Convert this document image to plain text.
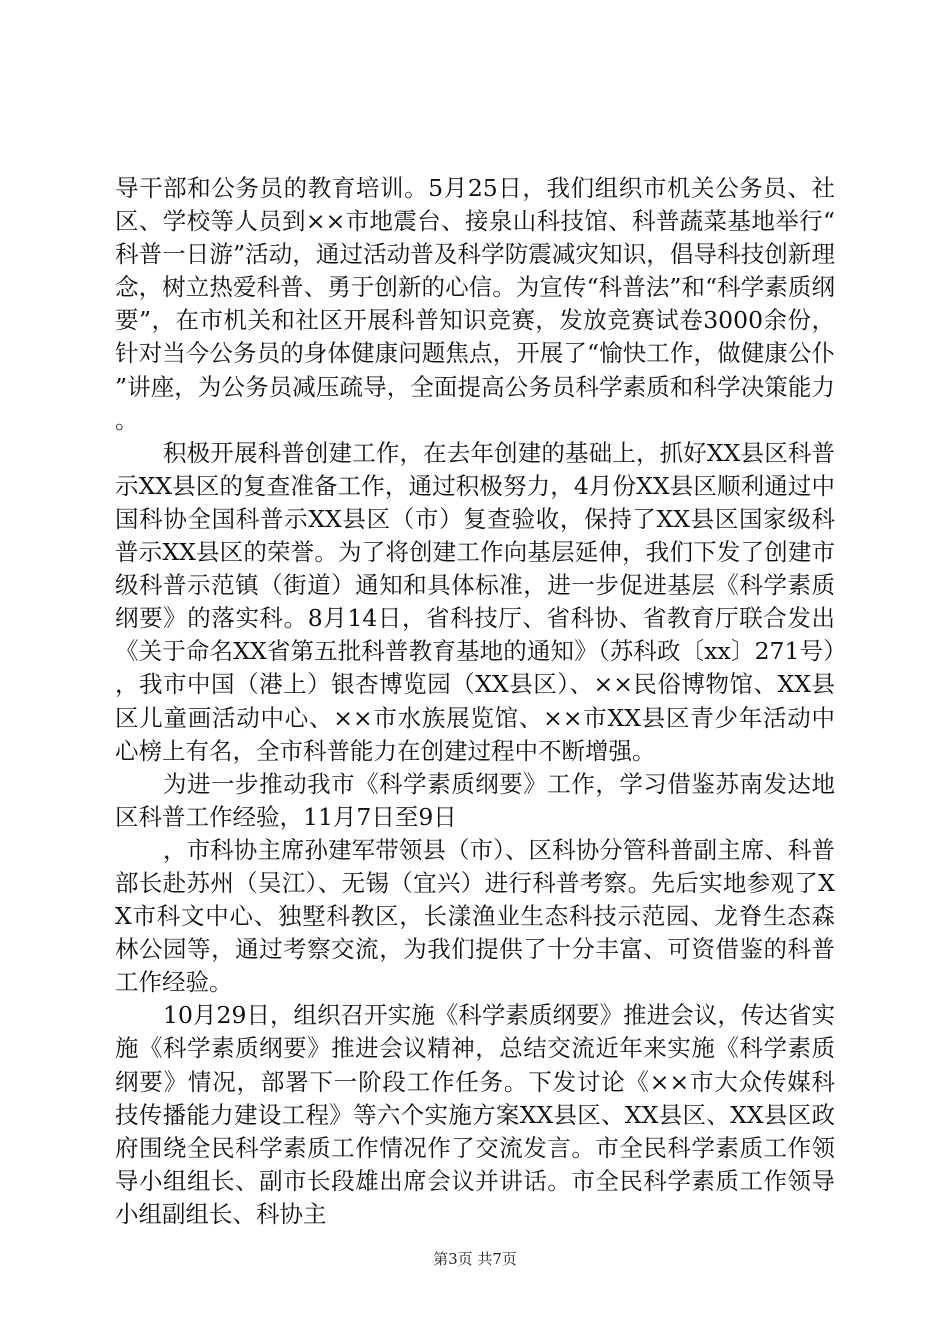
导干部和公务员的教育培训。5月25日，我们组织市机关公务员、社区、学校等人员到××市地震台、接泉山科技馆、科普蔬菜基地举行“科普一日游”活动，通过活动普及科学防震减灾知识，倡导科技创新理念，树立热爱科普、勇于创新的心信。为宣传“科普法”和“科学素质纲要”，在市机关和社区开展科普知识竞赛，发放竞赛试卷3000余份，针对当今公务员的身体健康问题焦点，开展了“愉快工作，做健康公仆”讲座，为公务员减压疏导，全面提高公务员科学素质和科学决策能力。

积极开展科普创建工作，在去年创建的基础上，抓好XX县区科普示XX县区的复查准备工作，通过积极努力，4月份XX县区顺利通过中国科协全国科普示XX县区（市）复查验收，保持了XX县区国家级科普示XX县区的荣誉。为了将创建工作向基层延伸，我们下发了创建市级科普示范镇（街道）通知和具体标准，进一步促进基层《科学素质纲要》的落实科。8月14日，省科技厅、省科协、省教育厅联合发出《关于命名XX省第五批科普教育基地的通知》（苏科政〔xx〕271号），我市中国（港上）银杏博览园（XX县区）、××民俗博物馆、XX县区儿童画活动中心、××市水族展览馆、××市XX县区青少年活动中心榜上有名，全市科普能力在创建过程中不断增强。

为进一步推动我市《科学素质纲要》工作，学习借鉴苏南发达地区科普工作经验，11月7日至9日

，市科协主席孙建军带领县（市）、区科协分管科普副主席、科普部长赴苏州（吴江）、无锡（宜兴）进行科普考察。先后实地参观了XX市科文中心、独墅科教区，长漾渔业生态科技示范园、龙脊生态森林公园等，通过考察交流，为我们提供了十分丰富、可资借鉴的科普工作经验。

10月29日，组织召开实施《科学素质纲要》推进会议，传达省实施《科学素质纲要》推进会议精神，总结交流近年来实施《科学素质纲要》情况，部署下一阶段工作任务。下发讨论《××市大众传媒科技传播能力建设工程》等六个实施方案XX县区、XX县区、XX县区政府围绕全民科学素质工作情况作了交流发言。市全民科学素质工作领导小组组长、副市长段雄出席会议并讲话。市全民科学素质工作领导小组副组长、科协主

第3页 共7页
